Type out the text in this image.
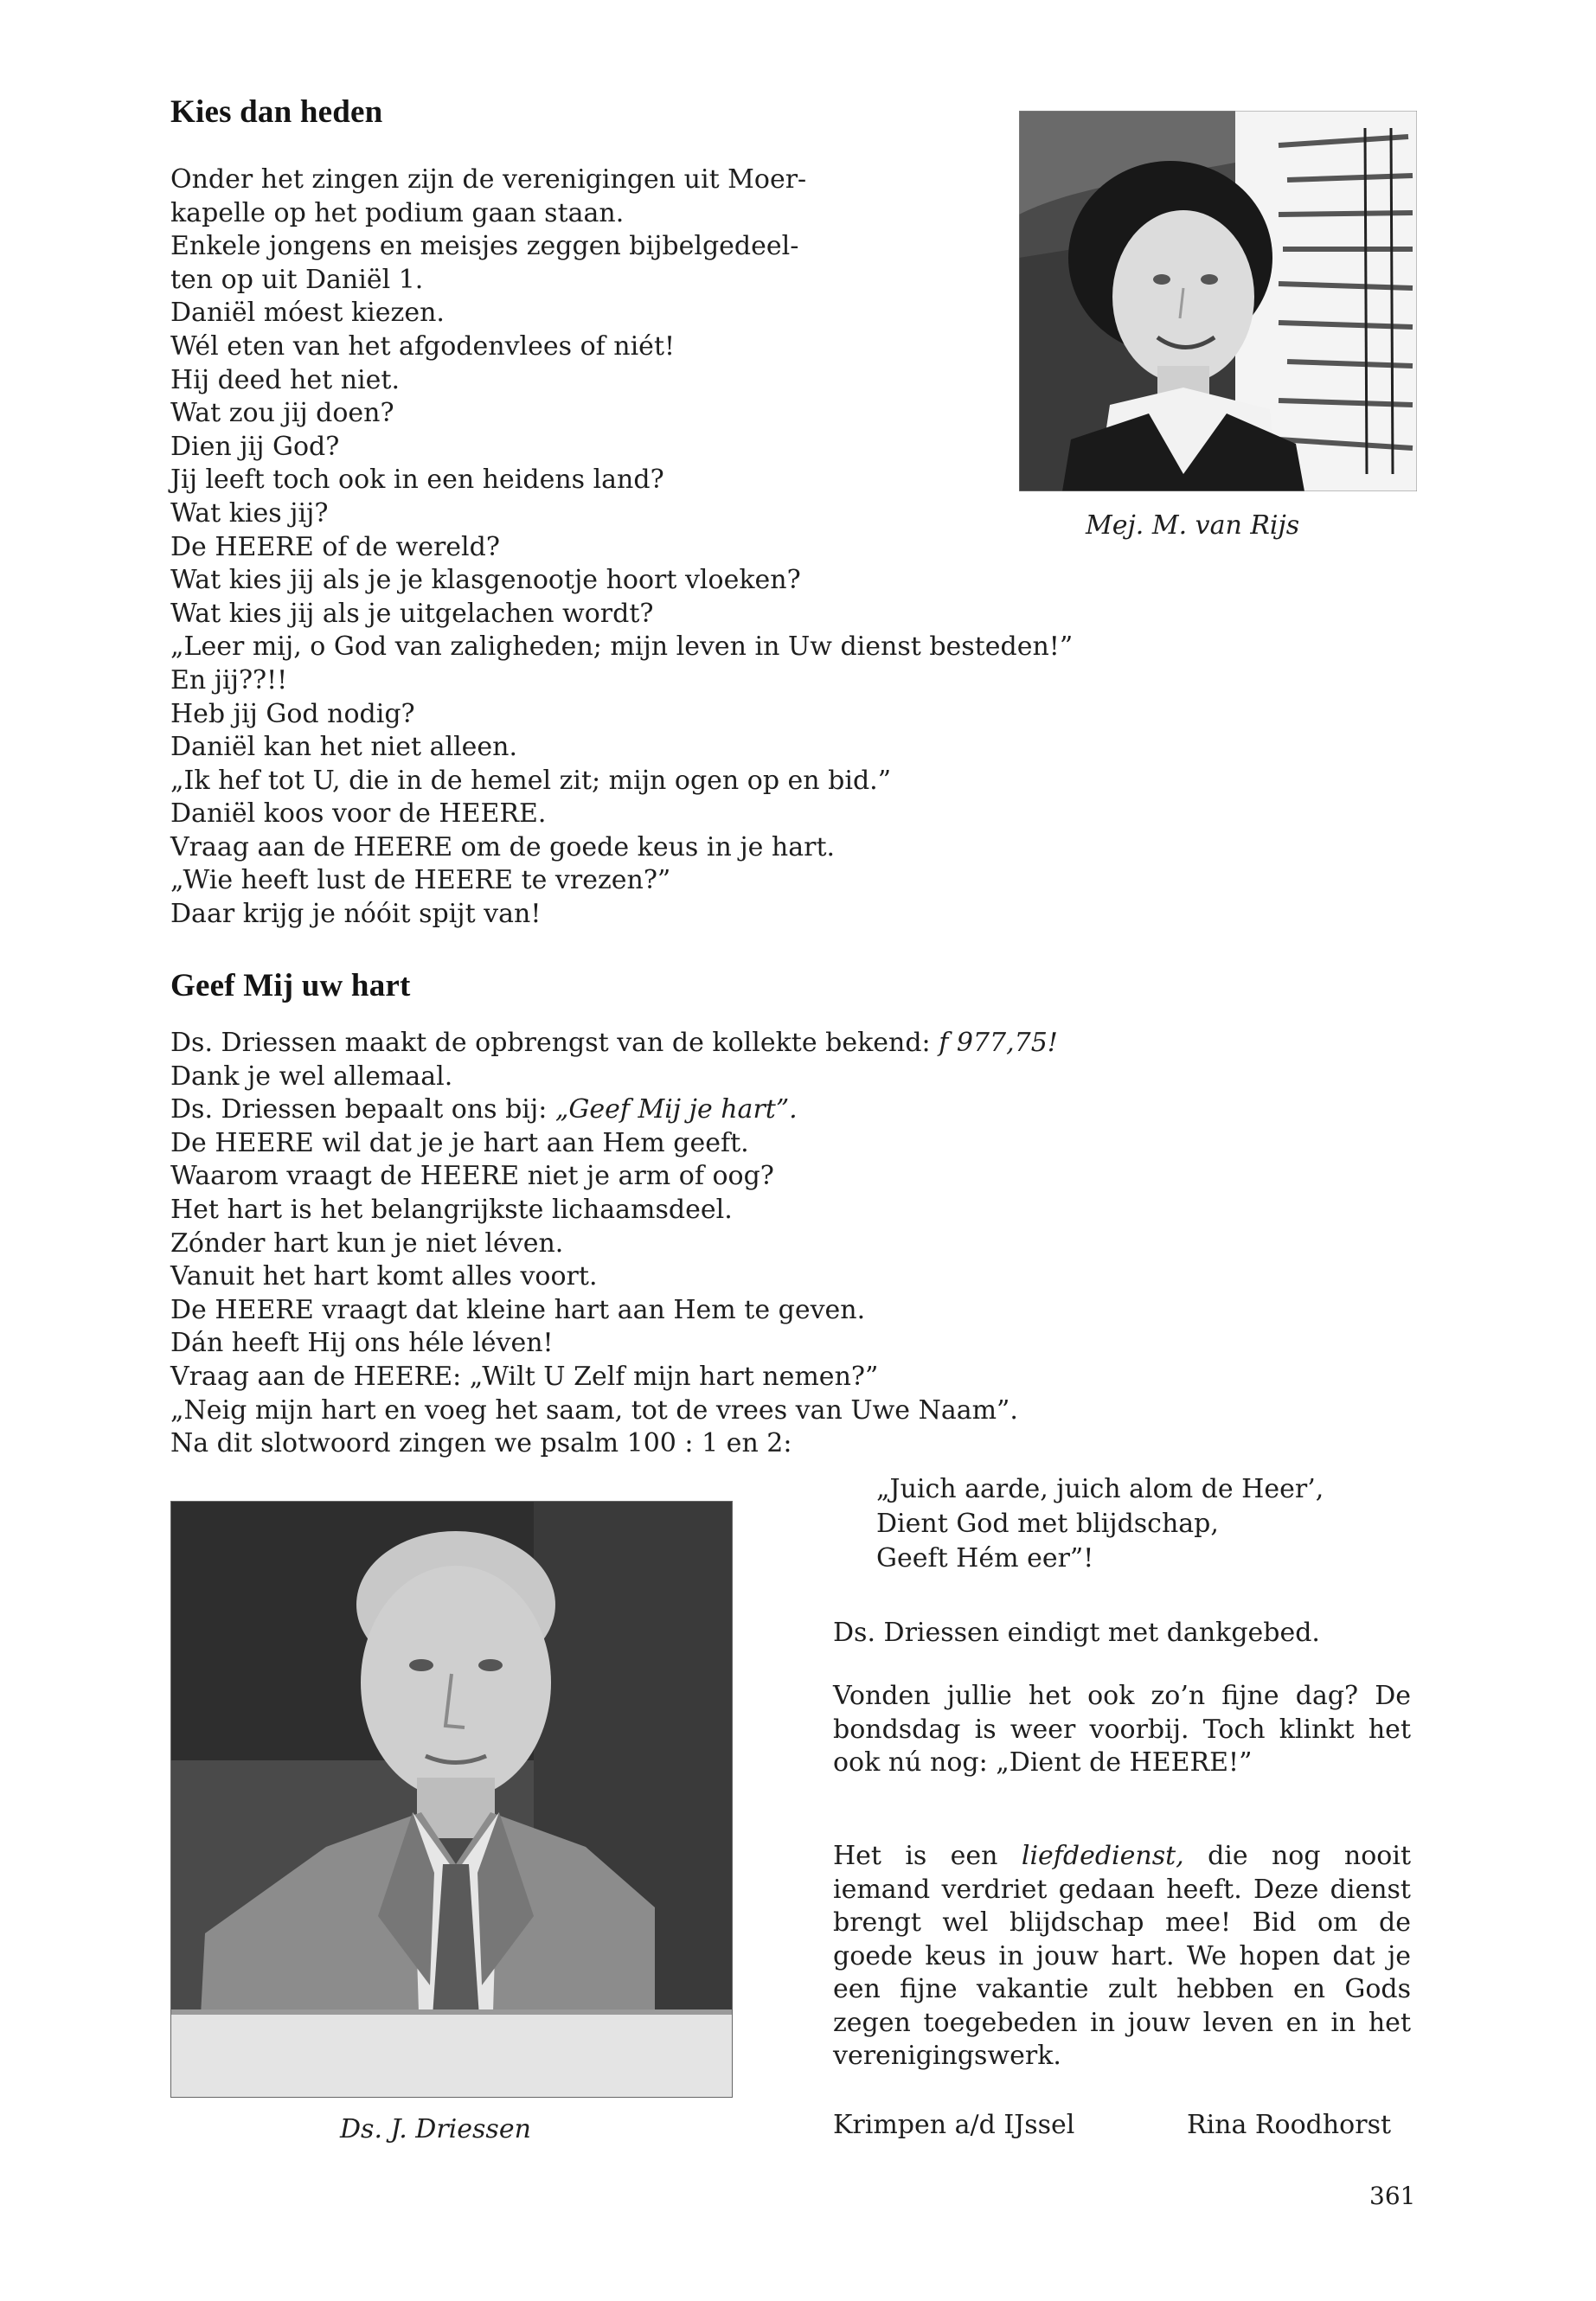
Kies dan heden
Onder het zingen zijn de verenigingen uit Moer-
kapelle op het podium gaan staan.
Enkele jongens en meisjes zeggen bijbelgedeel-
ten op uit Daniël 1.
Daniël móest kiezen.
Wél eten van het afgodenvlees of niét!
Hij deed het niet.
Wat zou jij doen?
Dien jij God?
Jij leeft toch ook in een heidens land?
Wat kies jij?
De HEERE of de wereld?
Wat kies jij als je je klasgenootje hoort vloeken?
Wat kies jij als je uitgelachen wordt?
„Leer mij, o God van zaligheden; mijn leven in Uw dienst besteden!”
En jij??!!
Heb jij God nodig?
Daniël kan het niet alleen.
„Ik hef tot U, die in de hemel zit; mijn ogen op en bid.”
Daniël koos voor de HEERE.
Vraag aan de HEERE om de goede keus in je hart.
„Wie heeft lust de HEERE te vrezen?”
Daar krijg je nóóit spijt van!
Mej. M. van Rijs
Geef Mij uw hart
Ds. Driessen maakt de opbrengst van de kollekte bekend: f 977,75!
Dank je wel allemaal.
Ds. Driessen bepaalt ons bij: „Geef Mij je hart”.
De HEERE wil dat je je hart aan Hem geeft.
Waarom vraagt de HEERE niet je arm of oog?
Het hart is het belangrijkste lichaamsdeel.
Zónder hart kun je niet léven.
Vanuit het hart komt alles voort.
De HEERE vraagt dat kleine hart aan Hem te geven.
Dán heeft Hij ons héle léven!
Vraag aan de HEERE: „Wilt U Zelf mijn hart nemen?”
„Neig mijn hart en voeg het saam, tot de vrees van Uwe Naam”.
Na dit slotwoord zingen we psalm 100 : 1 en 2:
Ds. J. Driessen
„Juich aarde, juich alom de Heer’,
Dient God met blijdschap,
Geeft Hém eer”!
Ds. Driessen eindigt met dankgebed.
Vonden jullie het ook zo’n fijne dag? De bondsdag is weer voorbij. Toch klinkt het ook nú nog: „Dient de HEERE!”
Het is een liefdedienst, die nog nooit iemand verdriet gedaan heeft. Deze dienst brengt wel blijdschap mee! Bid om de goede keus in jouw hart. We hopen dat je een fijne vakantie zult hebben en Gods zegen toegebeden in jouw leven en in het verenigingswerk.
Krimpen a/d IJssel	Rina Roodhorst
361
